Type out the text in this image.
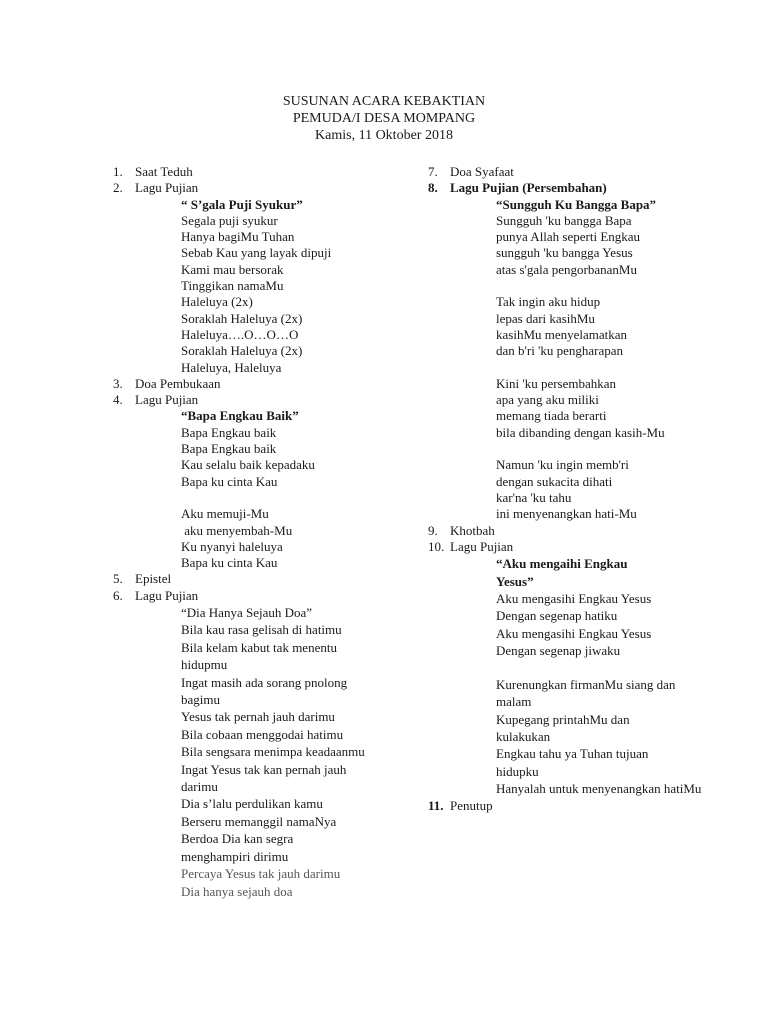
SUSUNAN ACARA KEBAKTIAN
PEMUDA/I DESA MOMPANG
Kamis, 11 Oktober 2018
1. Saat Teduh
2. Lagu Pujian
“ S’gala Puji Syukur”
Segala puji syukur
Hanya bagiMu Tuhan
Sebab Kau yang layak dipuji
Kami mau bersorak
Tinggikan namaMu
Haleluya (2x)
Soraklah Haleluya (2x)
Haleluya….O…O…O
Soraklah Haleluya (2x)
Haleluya, Haleluya
3. Doa Pembukaan
4. Lagu Pujian
“Bapa Engkau Baik”
Bapa Engkau baik
Bapa Engkau baik
Kau selalu baik kepadaku
Bapa ku cinta Kau
Aku memuji-Mu
aku menyembah-Mu
Ku nyanyi haleluya
Bapa ku cinta Kau
5. Epistel
6. Lagu Pujian
“Dia Hanya Sejauh Doa”
Bila kau rasa gelisah di hatimu
Bila kelam kabut tak menentu hidupmu
Ingat masih ada sorang pnolong bagimu
Yesus tak pernah jauh darimu
Bila cobaan menggodai hatimu
Bila sengsara menimpa keadaanmu
Ingat Yesus tak kan pernah jauh darimu
Dia s’lalu perdulikan kamu
Berseru memanggil namaNya
Berdoa Dia kan segra menghampiri dirimu
Percaya Yesus tak jauh darimu
Dia hanya sejauh doa
7. Doa Syafaat
8. Lagu Pujian (Persembahan)
“Sungguh Ku Bangga Bapa”
Sungguh 'ku bangga Bapa
punya Allah seperti Engkau
sungguh 'ku bangga Yesus
atas s'gala pengorbananMu
Tak ingin aku hidup
lepas dari kasihMu
kasihMu menyelamatkan
dan b'ri 'ku pengharapan
Kini 'ku persembahkan
apa yang aku miliki
memang tiada berarti
bila dibanding dengan kasih-Mu
Namun 'ku ingin memb'ri
dengan sukacita dihati
kar'na 'ku tahu
ini menyenangkan hati-Mu
9. Khotbah
10. Lagu Pujian
“Aku mengaihi Engkau Yesus”
Aku mengasihi Engkau Yesus
Dengan segenap hatiku
Aku mengasihi Engkau Yesus
Dengan segenap jiwaku
Kurenungkan firmanMu siang dan malam
Kupegang printahMu dan kulakukan
Engkau tahu ya Tuhan tujuan hidupku
Hanyalah untuk menyenangkan hatiMu
11. Penutup
